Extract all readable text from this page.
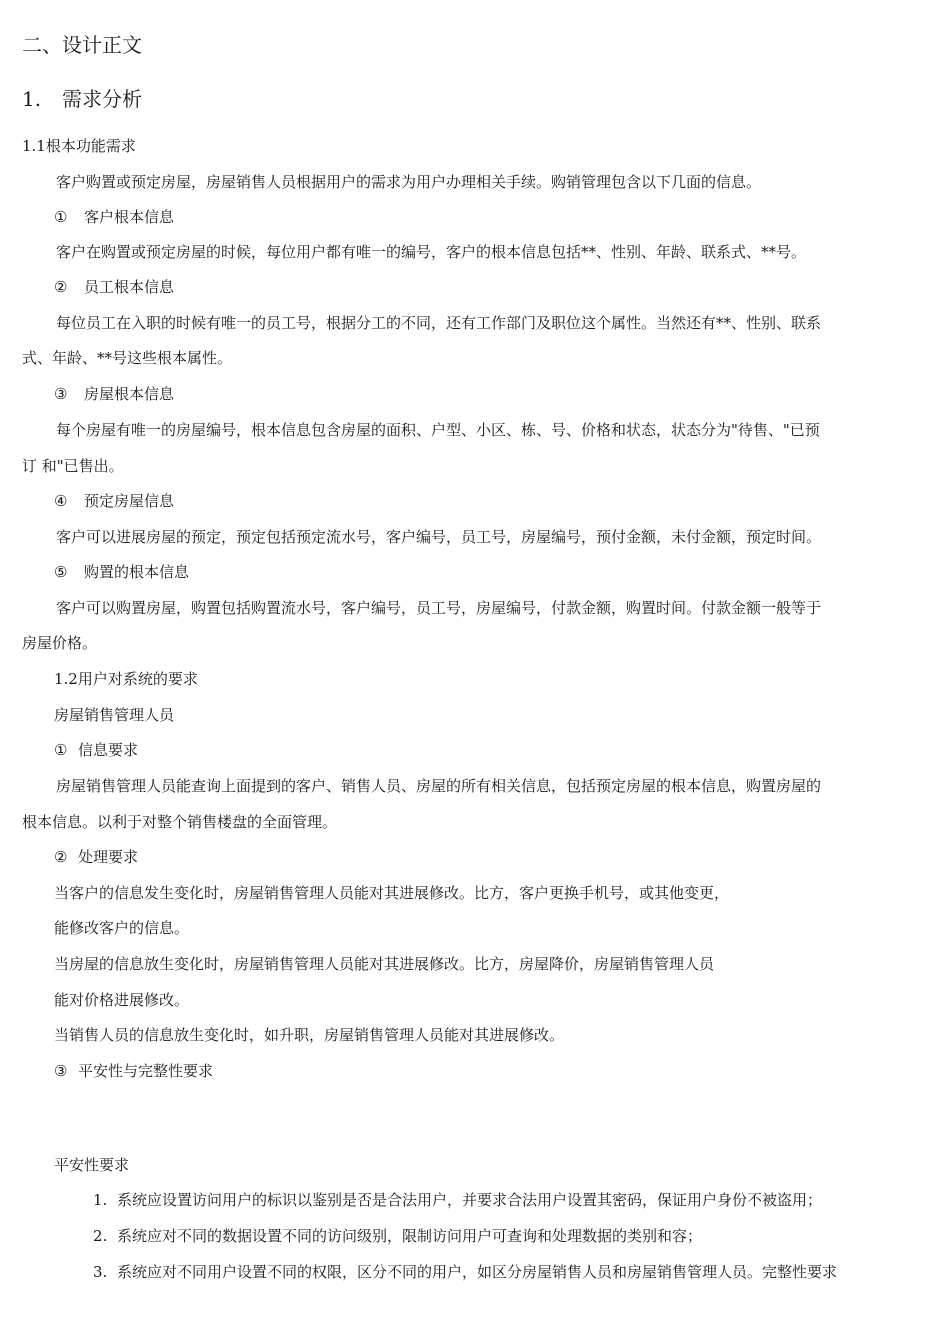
二、设计正文
1. 需求分析
1.1根本功能需求
客户购置或预定房屋，房屋销售人员根据用户的需求为用户办理相关手续。购销管理包含以下几面的信息。
① 客户根本信息
客户在购置或预定房屋的时候，每位用户都有唯一的编号，客户的根本信息包括**、性别、年龄、联系式、**号。
② 员工根本信息
每位员工在入职的时候有唯一的员工号，根据分工的不同，还有工作部门及职位这个属性。当然还有**、性别、联系
式、年龄、**号这些根本属性。
③ 房屋根本信息
每个房屋有唯一的房屋编号，根本信息包含房屋的面积、户型、小区、栋、号、价格和状态，状态分为"待售、"已预
订 和"已售出。
④ 预定房屋信息
客户可以进展房屋的预定，预定包括预定流水号，客户编号，员工号，房屋编号，预付金额，未付金额，预定时间。
⑤ 购置的根本信息
客户可以购置房屋，购置包括购置流水号，客户编号，员工号，房屋编号，付款金额，购置时间。付款金额一般等于
房屋价格。
1.2用户对系统的要求
房屋销售管理人员
① 信息要求
房屋销售管理人员能查询上面提到的客户、销售人员、房屋的所有相关信息，包括预定房屋的根本信息，购置房屋的
根本信息。以利于对整个销售楼盘的全面管理。
② 处理要求
当客户的信息发生变化时，房屋销售管理人员能对其进展修改。比方，客户更换手机号，或其他变更，
能修改客户的信息。
当房屋的信息放生变化时，房屋销售管理人员能对其进展修改。比方，房屋降价，房屋销售管理人员
能对价格进展修改。
当销售人员的信息放生变化时，如升职，房屋销售管理人员能对其进展修改。
③ 平安性与完整性要求
平安性要求
1. 系统应设置访问用户的标识以鉴别是否是合法用户，并要求合法用户设置其密码，保证用户身份不被盗用；
2. 系统应对不同的数据设置不同的访问级别，限制访问用户可查询和处理数据的类别和容；
3. 系统应对不同用户设置不同的权限，区分不同的用户，如区分房屋销售人员和房屋销售管理人员。完整性要求
